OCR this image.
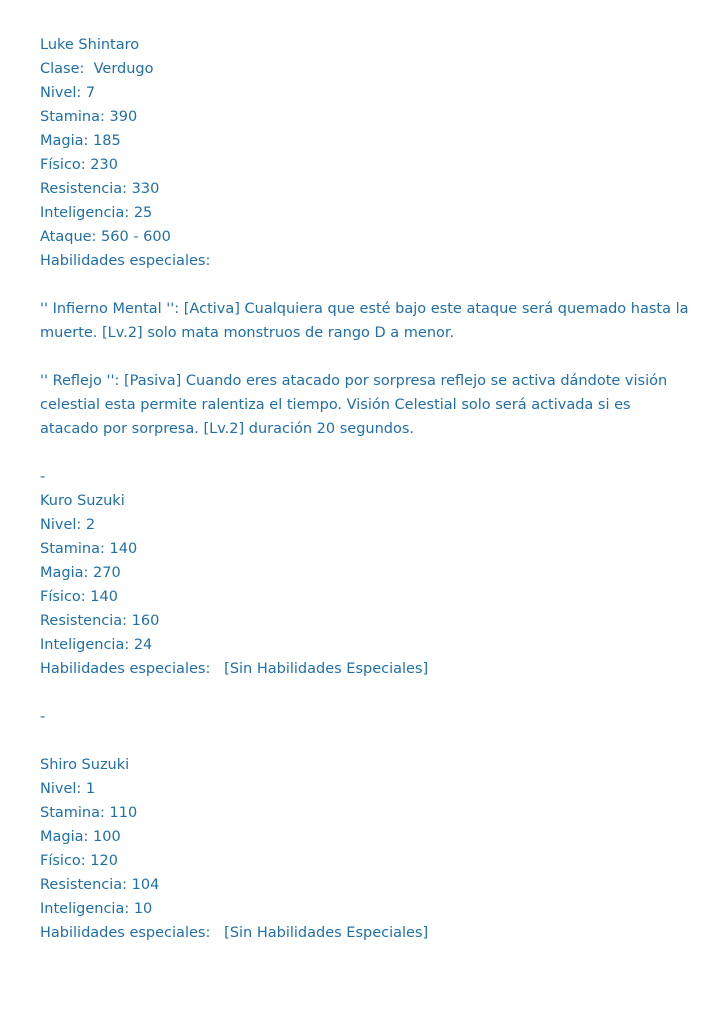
Luke Shintaro
Clase:  Verdugo
Nivel: 7
Stamina: 390
Magia: 185
Físico: 230
Resistencia: 330
Inteligencia: 25
Ataque: 560 - 600
Habilidades especiales:
'' Infierno Mental '': [Activa] Cualquiera que esté bajo este ataque será quemado hasta la muerte. [Lv.2] solo mata monstruos de rango D a menor.
'' Reflejo '': [Pasiva] Cuando eres atacado por sorpresa reflejo se activa dándote visión celestial esta permite ralentiza el tiempo. Visión Celestial solo será activada si es atacado por sorpresa. [Lv.2] duración 20 segundos.
-
Kuro Suzuki
Nivel: 2
Stamina: 140
Magia: 270
Físico: 140
Resistencia: 160
Inteligencia: 24
Habilidades especiales:   [Sin Habilidades Especiales]
-
Shiro Suzuki
Nivel: 1
Stamina: 110
Magia: 100
Físico: 120
Resistencia: 104
Inteligencia: 10
Habilidades especiales:   [Sin Habilidades Especiales]
